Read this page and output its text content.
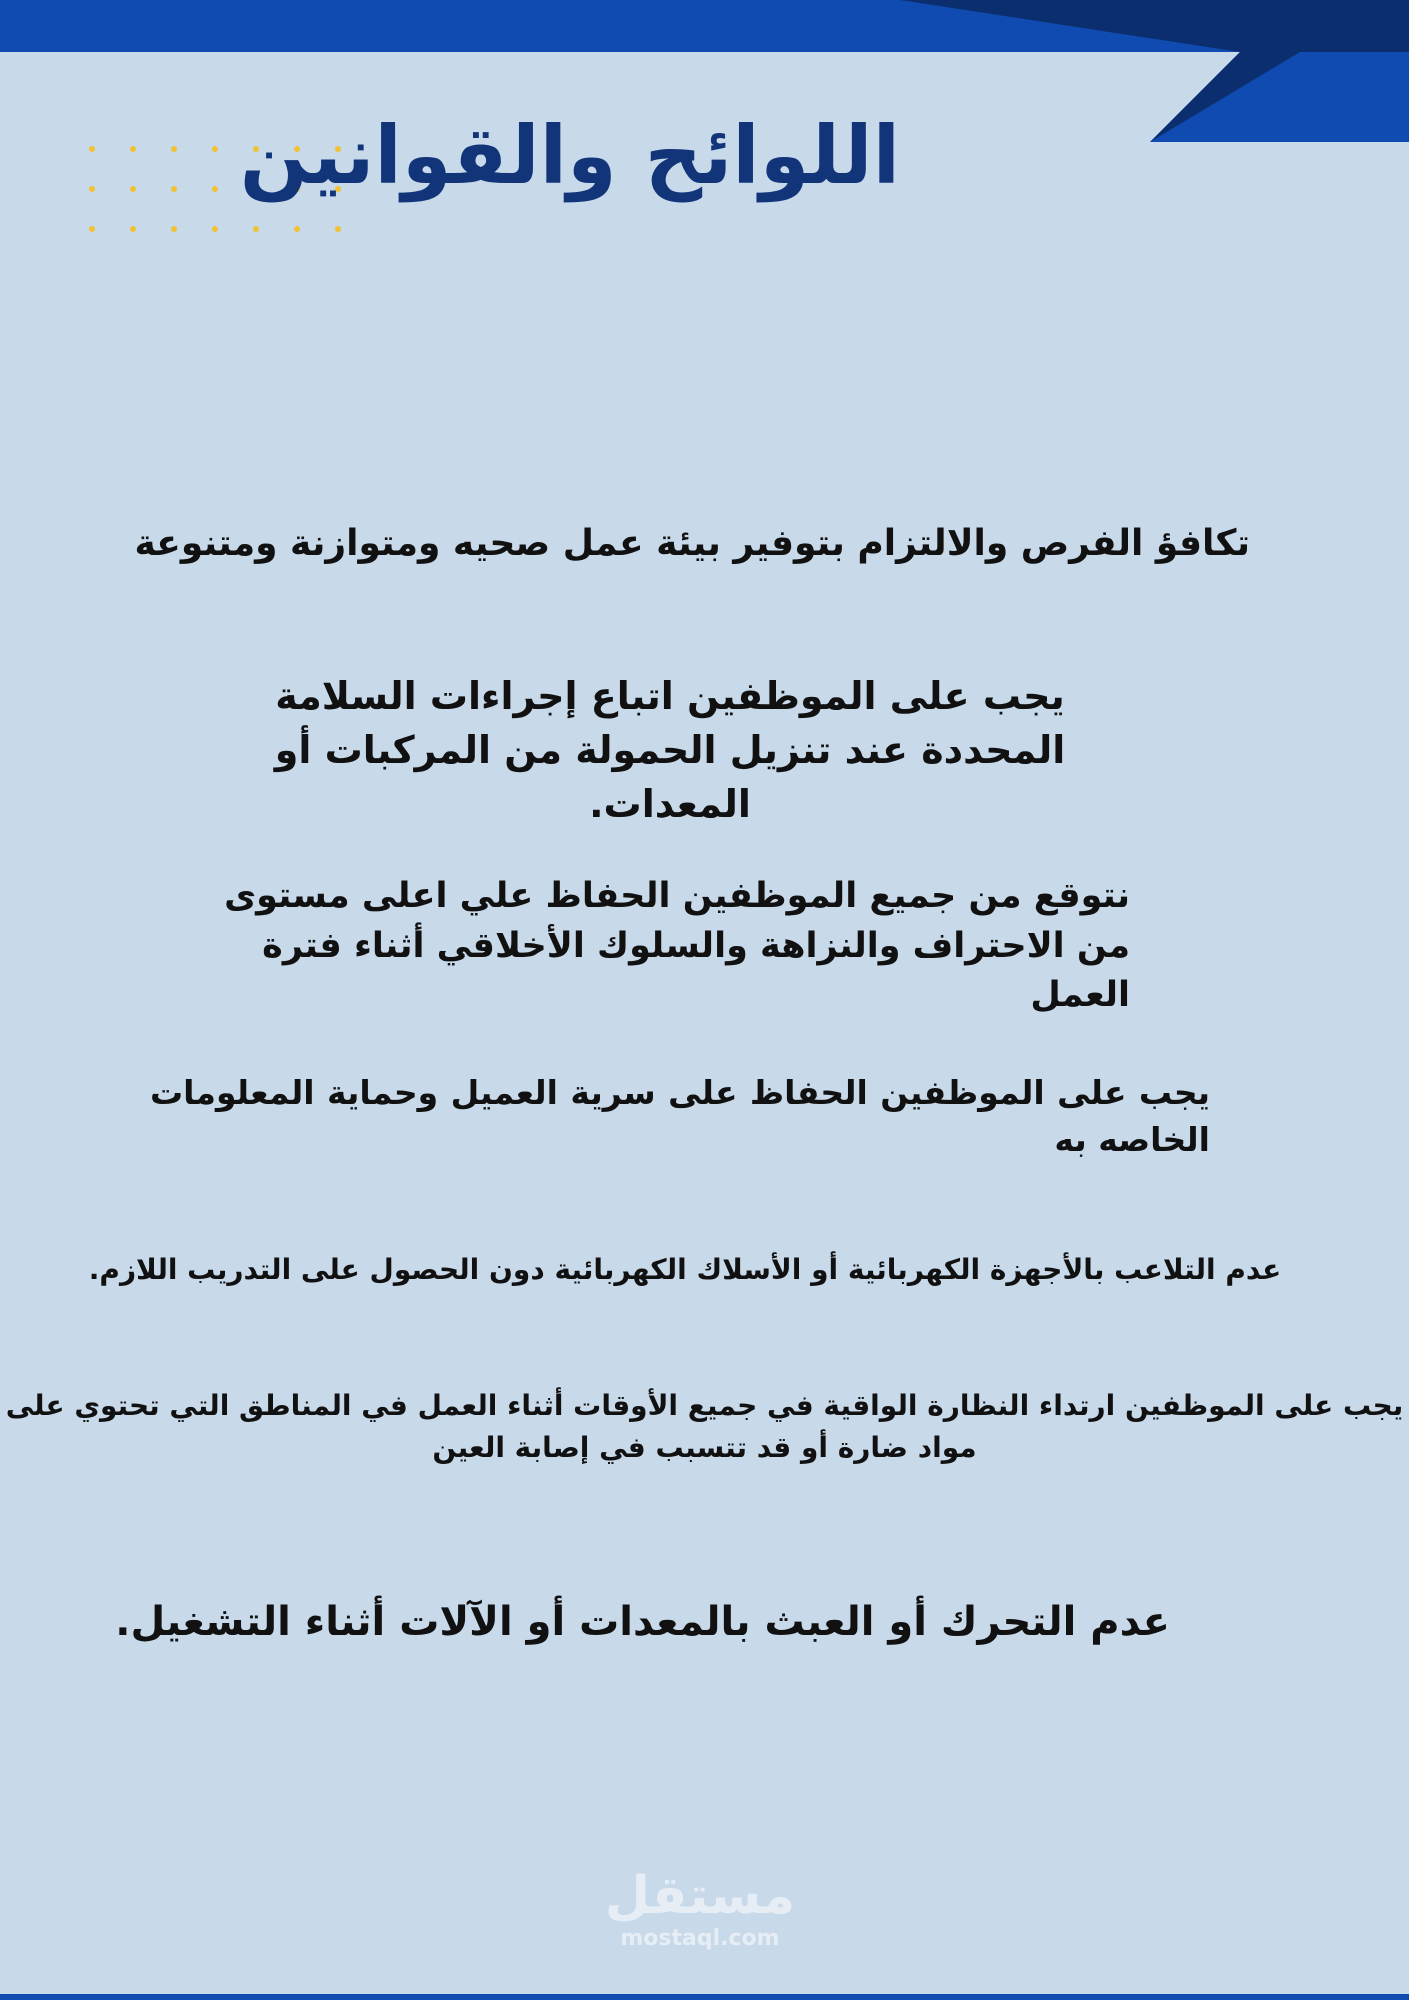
اللوائح والقوانين

تكافؤ الفرص والالتزام بتوفير بيئة عمل صحيه ومتوازنة ومتنوعة

يجب على الموظفين اتباع إجراءات السلامة المحددة عند تنزيل الحمولة من المركبات أو المعدات.

نتوقع من جميع الموظفين الحفاظ علي اعلى مستوى من الاحتراف والنزاهة والسلوك الأخلاقي أثناء فترة العمل

يجب على الموظفين الحفاظ على سرية العميل وحماية المعلومات الخاصه به

عدم التلاعب بالأجهزة الكهربائية أو الأسلاك الكهربائية دون الحصول على التدريب اللازم.

يجب على الموظفين ارتداء النظارة الواقية في جميع الأوقات أثناء العمل في المناطق التي تحتوي على مواد ضارة أو قد تتسبب في إصابة العين

عدم التحرك أو العبث بالمعدات أو الآلات أثناء التشغيل.

مستقل
mostaql.com
